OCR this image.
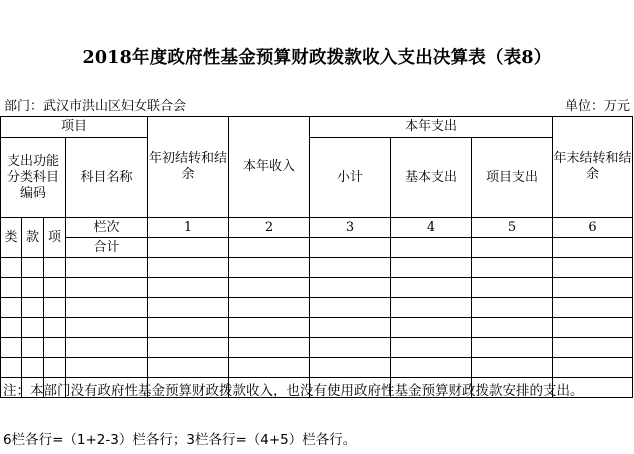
2018年度政府性基金预算财政拨款收入支出决算表（表8）
部门：武汉市洪山区妇女联合会	单位：万元
项目				年初结转和结余	本年收入	本年支出			年末结转和结余
支出功能分类科目编码			科目名称			小计	基本支出	项目支出	

类	款	项	栏次	1	2	3	4	5	6
			合计						

注：本部门没有政府性基金预算财政拨款收入，也没有使用政府性基金预算财政拨款安排的支出。
6栏各行=（1+2-3）栏各行；3栏各行=（4+5）栏各行。
